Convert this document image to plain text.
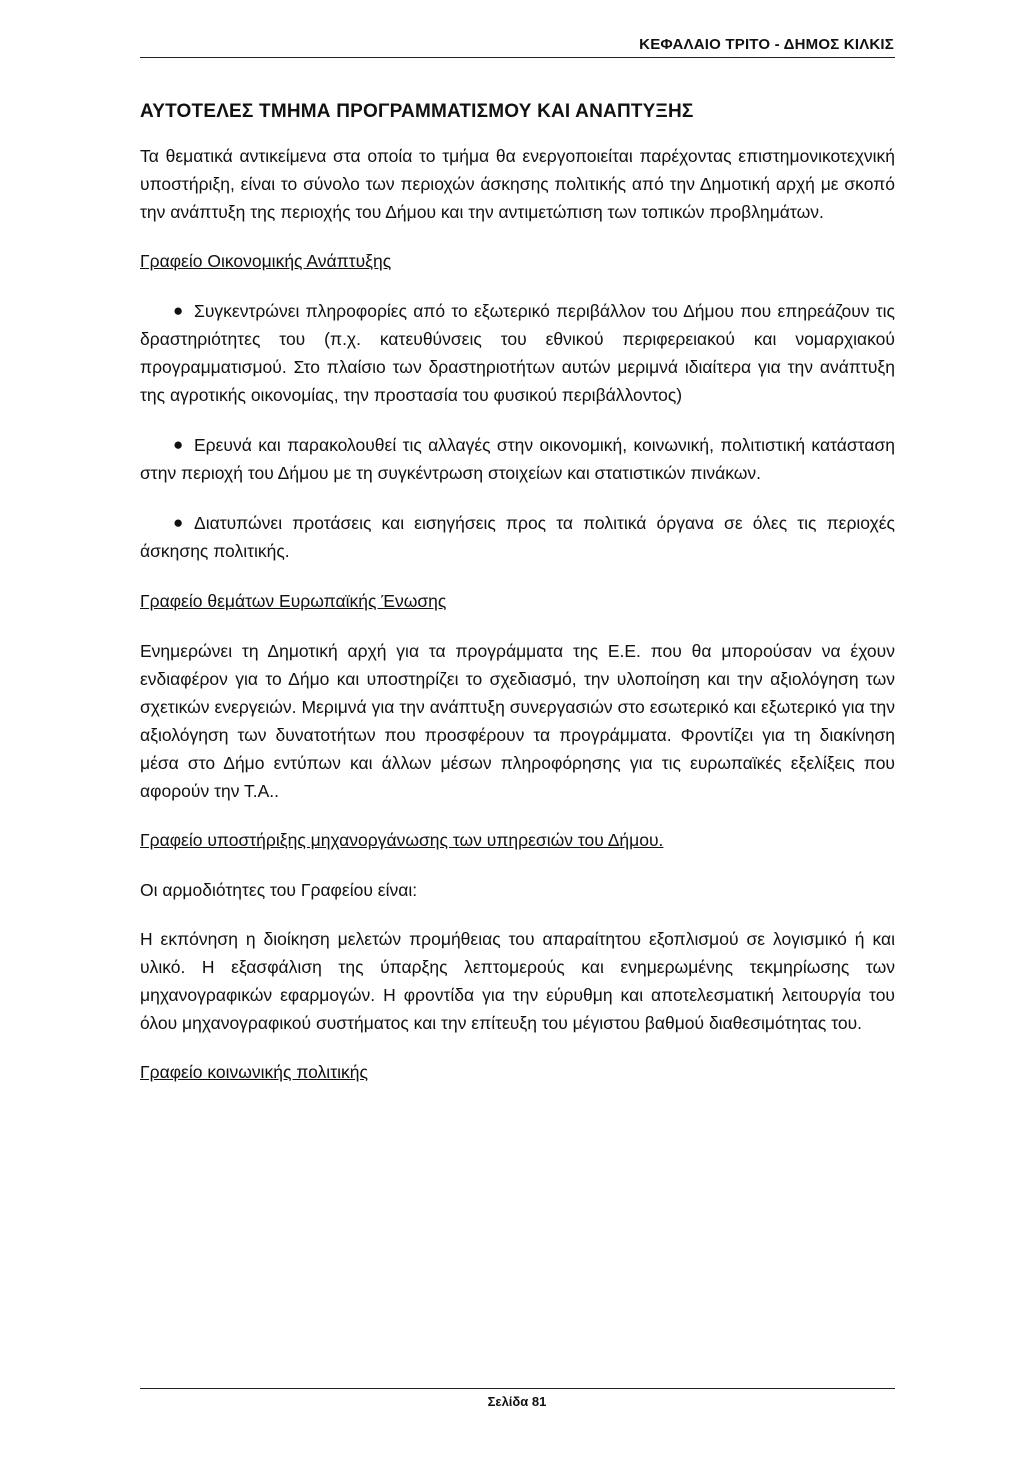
ΚΕΦΑΛΑΙΟ ΤΡΙΤΟ - ΔΗΜΟΣ ΚΙΛΚΙΣ
ΑΥΤΟΤΕΛΕΣ ΤΜΗΜΑ ΠΡΟΓΡΑΜΜΑΤΙΣΜΟΥ ΚΑΙ ΑΝΑΠΤΥΞΗΣ

Τα θεματικά αντικείμενα στα οποία το τμήμα θα ενεργοποιείται παρέχοντας επιστημονικοτεχνική υποστήριξη, είναι το σύνολο των περιοχών άσκησης πολιτικής από την Δημοτική αρχή με σκοπό την ανάπτυξη της περιοχής του Δήμου και την αντιμετώπιση των τοπικών προβλημάτων.

Γραφείο Οικονομικής Ανάπτυξης
● Συγκεντρώνει πληροφορίες από το εξωτερικό περιβάλλον του Δήμου που επηρεάζουν τις δραστηριότητες του (π.χ. κατευθύνσεις του εθνικού περιφερειακού και νομαρχιακού προγραμματισμού. Στο πλαίσιο των δραστηριοτήτων αυτών μεριμνά ιδιαίτερα για την ανάπτυξη της αγροτικής οικονομίας, την προστασία του φυσικού περιβάλλοντος)
● Ερευνά και παρακολουθεί τις αλλαγές στην οικονομική, κοινωνική, πολιτιστική κατάσταση στην περιοχή του Δήμου με τη συγκέντρωση στοιχείων και στατιστικών πινάκων.
● Διατυπώνει προτάσεις και εισηγήσεις προς τα πολιτικά όργανα σε όλες τις περιοχές άσκησης πολιτικής.
Γραφείο θεμάτων Ευρωπαϊκής Ένωσης

Ενημερώνει τη Δημοτική αρχή για τα προγράμματα της Ε.Ε. που θα μπορούσαν να έχουν ενδιαφέρον για το Δήμο και υποστηρίζει το σχεδιασμό, την υλοποίηση και την αξιολόγηση των σχετικών ενεργειών. Μεριμνά για την ανάπτυξη συνεργασιών στο εσωτερικό και εξωτερικό για την αξιολόγηση των δυνατοτήτων που προσφέρουν τα προγράμματα. Φροντίζει για τη διακίνηση μέσα στο Δήμο εντύπων και άλλων μέσων πληροφόρησης για τις ευρωπαϊκές εξελίξεις που αφορούν την Τ.Α..

Γραφείο υποστήριξης μηχανοργάνωσης των υπηρεσιών του Δήμου.

Οι αρμοδιότητες του Γραφείου είναι:

Η εκπόνηση η διοίκηση μελετών προμήθειας του απαραίτητου εξοπλισμού σε λογισμικό ή και υλικό. Η εξασφάλιση της ύπαρξης λεπτομερούς και ενημερωμένης τεκμηρίωσης των μηχανογραφικών εφαρμογών. Η φροντίδα για την εύρυθμη και αποτελεσματική λειτουργία του όλου μηχανογραφικού συστήματος και την επίτευξη του μέγιστου βαθμού διαθεσιμότητας του.

Γραφείο κοινωνικής πολιτικής
Σελίδα 81
